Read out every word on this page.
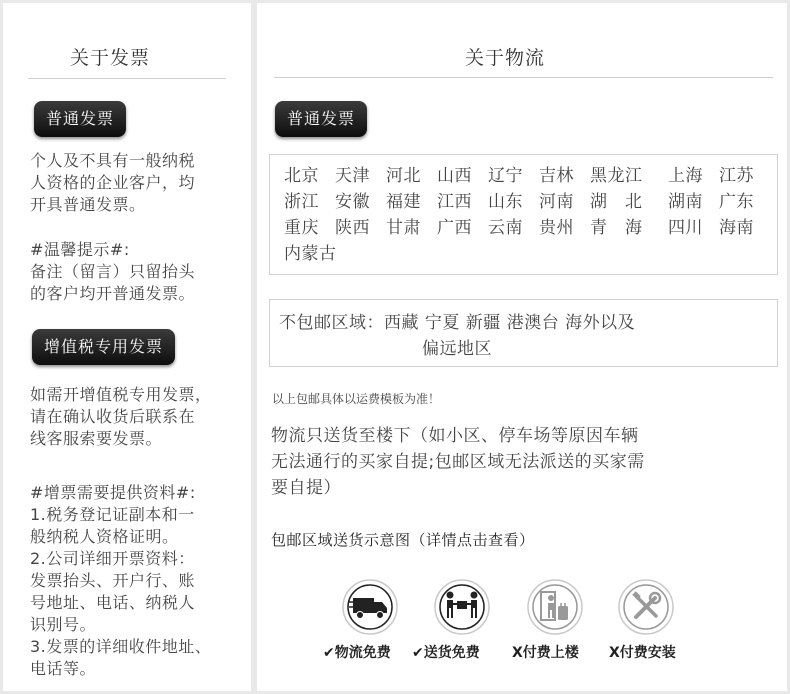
关于发票
普通发票
个人及不具有一般纳税
人资格的企业客户，均
开具普通发票。
#温馨提示#:
备注（留言）只留抬头
的客户均开普通发票。
增值税专用发票
如需开增值税专用发票，
请在确认收货后联系在
线客服索要发票。
#增票需要提供资料#:
1.税务登记证副本和一
般纳税人资格证明。
2.公司详细开票资料：
发票抬头、开户行、账
号地址、电话、纳税人
识别号。
3.发票的详细收件地址、
电话等。
关于物流
普通发票
北京 天津 河北 山西 辽宁 吉林 黑龙江	上海 江苏
浙江 安徽 福建 江西 山东 河南 湖　北	湖南 广东
重庆 陕西 甘肃 广西 云南 贵州 青　海	四川 海南
内蒙古
不包邮区域：西藏 宁夏 新疆 港澳台 海外以及
偏远地区
以上包邮具体以运费模板为准！
物流只送货至楼下（如小区、停车场等原因车辆
无法通行的买家自提;包邮区域无法派送的买家需
要自提）
包邮区域送货示意图（详情点击查看）
✔物流免费 ✔送货免费 X付费上楼 X付费安装
